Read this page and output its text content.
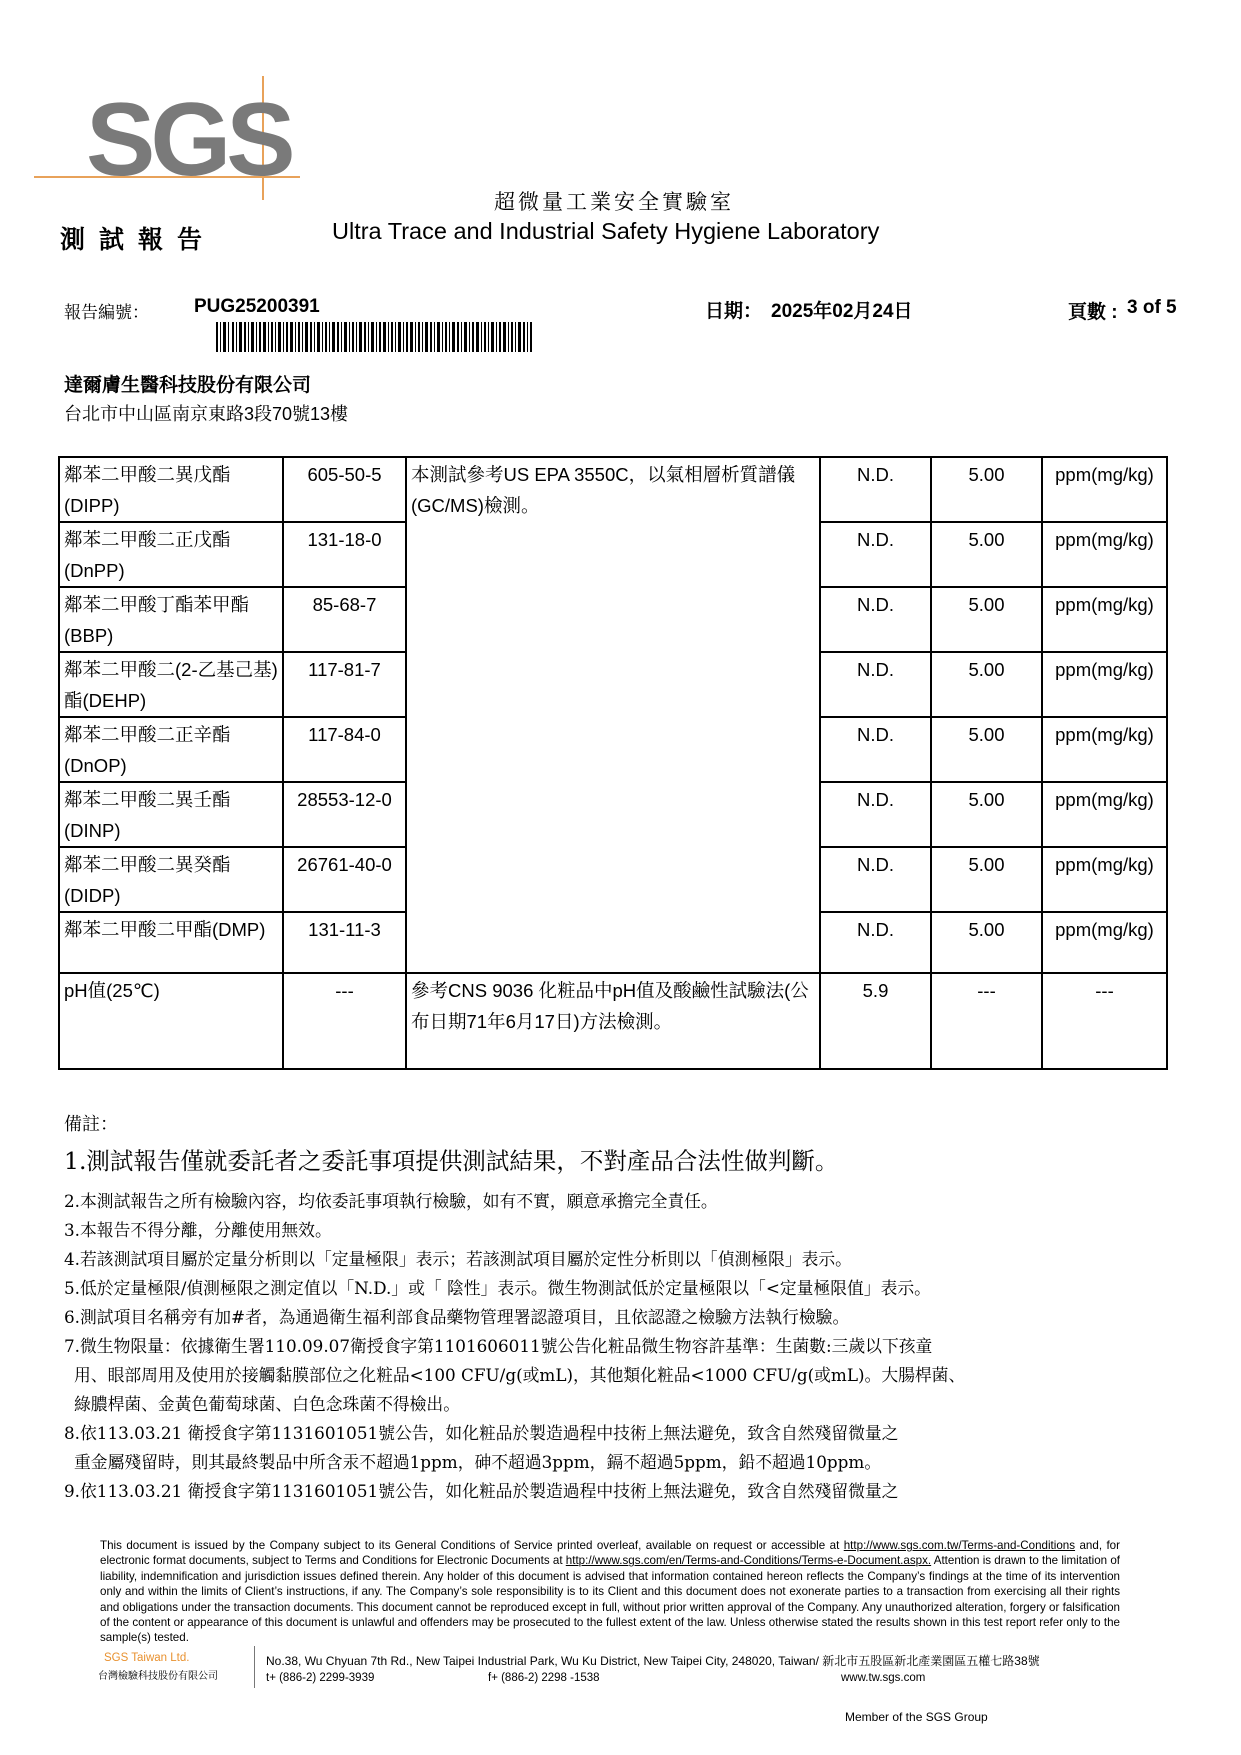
SGS
測試報告
超微量工業安全實驗室
Ultra Trace and Industrial Safety Hygiene Laboratory
報告編號： PUG25200391	日期： 2025年02月24日	頁數 : 3 of 5
達爾膚生醫科技股份有限公司
台北市中山區南京東路3段70號13樓
鄰苯二甲酸二異戊酯(DIPP)	605-50-5	本測試參考US EPA 3550C，以氣相層析質譜儀(GC/MS)檢測。	N.D.	5.00	ppm(mg/kg)
鄰苯二甲酸二正戊酯(DnPP)	131-18-0		N.D.	5.00	ppm(mg/kg)
鄰苯二甲酸丁酯苯甲酯(BBP)	85-68-7		N.D.	5.00	ppm(mg/kg)
鄰苯二甲酸二(2-乙基己基)酯(DEHP)	117-81-7		N.D.	5.00	ppm(mg/kg)
鄰苯二甲酸二正辛酯(DnOP)	117-84-0		N.D.	5.00	ppm(mg/kg)
鄰苯二甲酸二異壬酯(DINP)	28553-12-0		N.D.	5.00	ppm(mg/kg)
鄰苯二甲酸二異癸酯(DIDP)	26761-40-0		N.D.	5.00	ppm(mg/kg)
鄰苯二甲酸二甲酯(DMP)	131-11-3		N.D.	5.00	ppm(mg/kg)
pH值(25℃)	---	參考CNS 9036 化粧品中pH值及酸鹼性試驗法(公布日期71年6月17日)方法檢測。	5.9	---	---
備註：
1.測試報告僅就委託者之委託事項提供測試結果，不對產品合法性做判斷。
2.本測試報告之所有檢驗內容，均依委託事項執行檢驗，如有不實，願意承擔完全責任。
3.本報告不得分離，分離使用無效。
4.若該測試項目屬於定量分析則以「定量極限」表示；若該測試項目屬於定性分析則以「偵測極限」表示。
5.低於定量極限/偵測極限之測定值以「N.D.」或「 陰性」表示。微生物測試低於定量極限以「<定量極限值」表示。
6.測試項目名稱旁有加#者，為通過衛生福利部食品藥物管理署認證項目，且依認證之檢驗方法執行檢驗。
7.微生物限量：依據衛生署110.09.07衛授食字第1101606011號公告化粧品微生物容許基準：生菌數:三歲以下孩童
用、眼部周用及使用於接觸黏膜部位之化粧品<100 CFU/g(或mL)，其他類化粧品<1000 CFU/g(或mL)。大腸桿菌、
綠膿桿菌、金黃色葡萄球菌、白色念珠菌不得檢出。
8.依113.03.21 衛授食字第1131601051號公告，如化粧品於製造過程中技術上無法避免，致含自然殘留微量之
重金屬殘留時，則其最終製品中所含汞不超過1ppm，砷不超過3ppm，鎘不超過5ppm，鉛不超過10ppm。
9.依113.03.21 衛授食字第1131601051號公告，如化粧品於製造過程中技術上無法避免，致含自然殘留微量之
This document is issued by the Company subject to its General Conditions of Service printed overleaf, available on request or accessible at http://www.sgs.com.tw/Terms-and-Conditions and, for electronic format documents, subject to Terms and Conditions for Electronic Documents at http://www.sgs.com/en/Terms-and-Conditions/Terms-e-Document.aspx. Attention is drawn to the limitation of liability, indemnification and jurisdiction issues defined therein. Any holder of this document is advised that information contained hereon reflects the Company’s findings at the time of its intervention only and within the limits of Client’s instructions, if any. The Company’s sole responsibility is to its Client and this document does not exonerate parties to a transaction from exercising all their rights and obligations under the transaction documents. This document cannot be reproduced except in full, without prior written approval of the Company. Any unauthorized alteration, forgery or falsification of the content or appearance of this document is unlawful and offenders may be prosecuted to the fullest extent of the law. Unless otherwise stated the results shown in this test report refer only to the sample(s) tested.
SGS Taiwan Ltd.
台灣檢驗科技股份有限公司
No.38, Wu Chyuan 7th Rd., New Taipei Industrial Park, Wu Ku District, New Taipei City, 248020, Taiwan/ 新北市五股區新北產業園區五權七路38號
t+ (886-2) 2299-3939	f+ (886-2) 2298 -1538	www.tw.sgs.com
Member of the SGS Group
